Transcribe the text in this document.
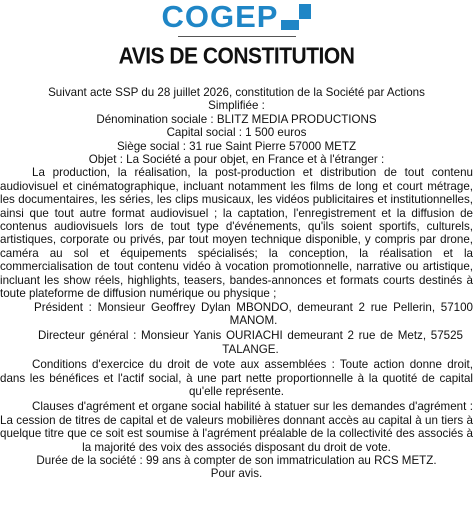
COGEP
AVIS DE CONSTITUTION

Suivant acte SSP du 28 juillet 2026, constitution de la Société par Actions

Simplifiée :

Dénomination sociale : BLITZ MEDIA PRODUCTIONS

Capital social : 1 500 euros

Siège social : 31 rue Saint Pierre 57000 METZ

Objet : La Société a pour objet, en France et à l'étranger :

La production, la réalisation, la post-production et distribution de tout contenu audiovisuel et cinématographique, incluant notamment les films de long et court métrage, les documentaires, les séries, les clips musicaux, les vidéos publicitaires et institutionnelles, ainsi que tout autre format audiovisuel ; la captation, l'enregistrement et la diffusion de contenus audiovisuels lors de tout type d'événements, qu'ils soient sportifs, culturels, artistiques, corporate ou privés, par tout moyen technique disponible, y compris par drone, caméra au sol et équipements spécialisés; la conception, la réalisation et la commercialisation de tout contenu vidéo à vocation promotionnelle, narrative ou artistique, incluant les show réels, highlights, teasers, bandes-annonces et formats courts destinés à toute plateforme de diffusion numérique ou physique ;

Président : Monsieur Geoffrey Dylan MBONDO, demeurant 2 rue Pellerin, 57100 MANOM.

Directeur général : Monsieur Yanis OURIACHI demeurant 2 rue de Metz, 57525 TALANGE.

Conditions d'exercice du droit de vote aux assemblées : Toute action donne droit, dans les bénéfices et l'actif social, à une part nette proportionnelle à la quotité de capital qu'elle représente.

Clauses d'agrément et organe social habilité à statuer sur les demandes d'agrément : La cession de titres de capital et de valeurs mobilières donnant accès au capital à un tiers à quelque titre que ce soit est soumise à l'agrément préalable de la collectivité des associés à la majorité des voix des associés disposant du droit de vote.

Durée de la société : 99 ans à compter de son immatriculation au RCS METZ.

Pour avis.
